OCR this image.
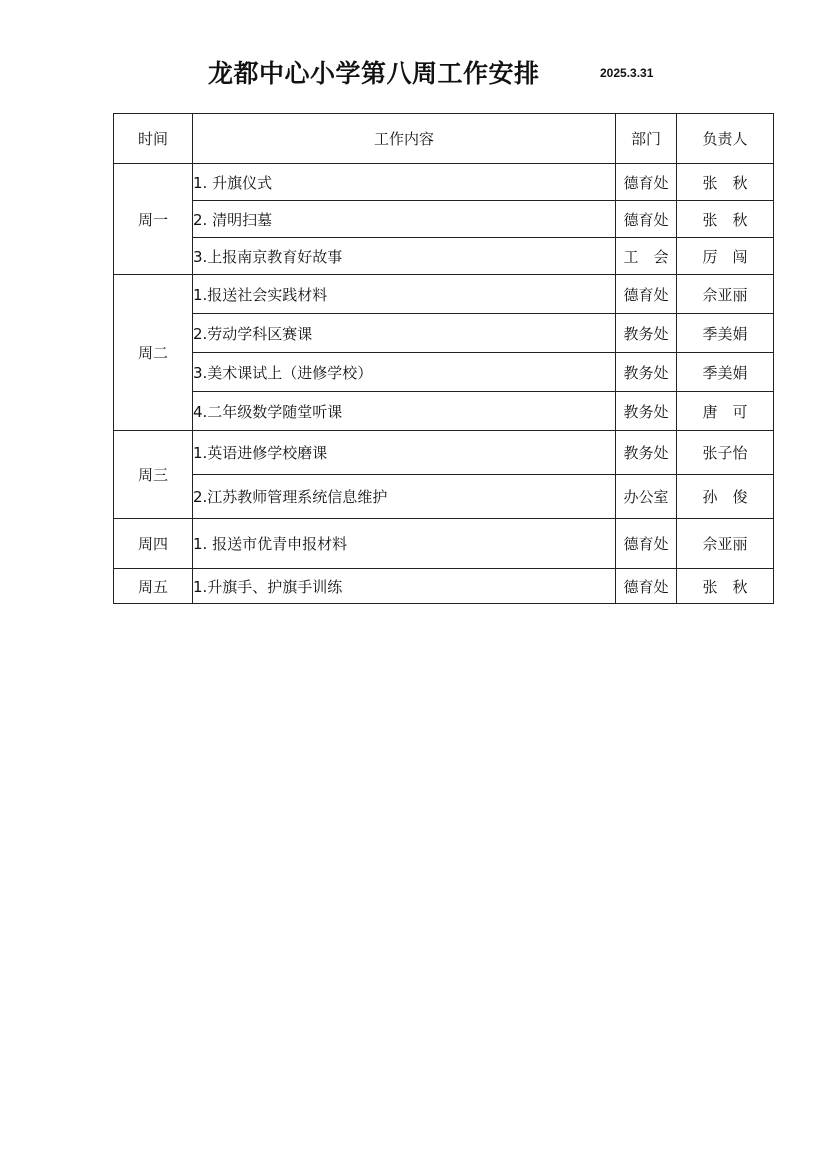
龙都中心小学第八周工作安排	2025.3.31
时间	工作内容	部门	负责人
周一	1. 升旗仪式	德育处	张　秋
	2. 清明扫墓	德育处	张　秋
	3.上报南京教育好故事	工　会	厉　闯
周二	1.报送社会实践材料	德育处	佘亚丽
	2.劳动学科区赛课	教务处	季美娟
	3.美术课试上（进修学校）	教务处	季美娟
	4.二年级数学随堂听课	教务处	唐　可
周三	1.英语进修学校磨课	教务处	张子怡
	2.江苏教师管理系统信息维护	办公室	孙　俊
周四	1. 报送市优青申报材料	德育处	佘亚丽
周五	1.升旗手、护旗手训练	德育处	张　秋
